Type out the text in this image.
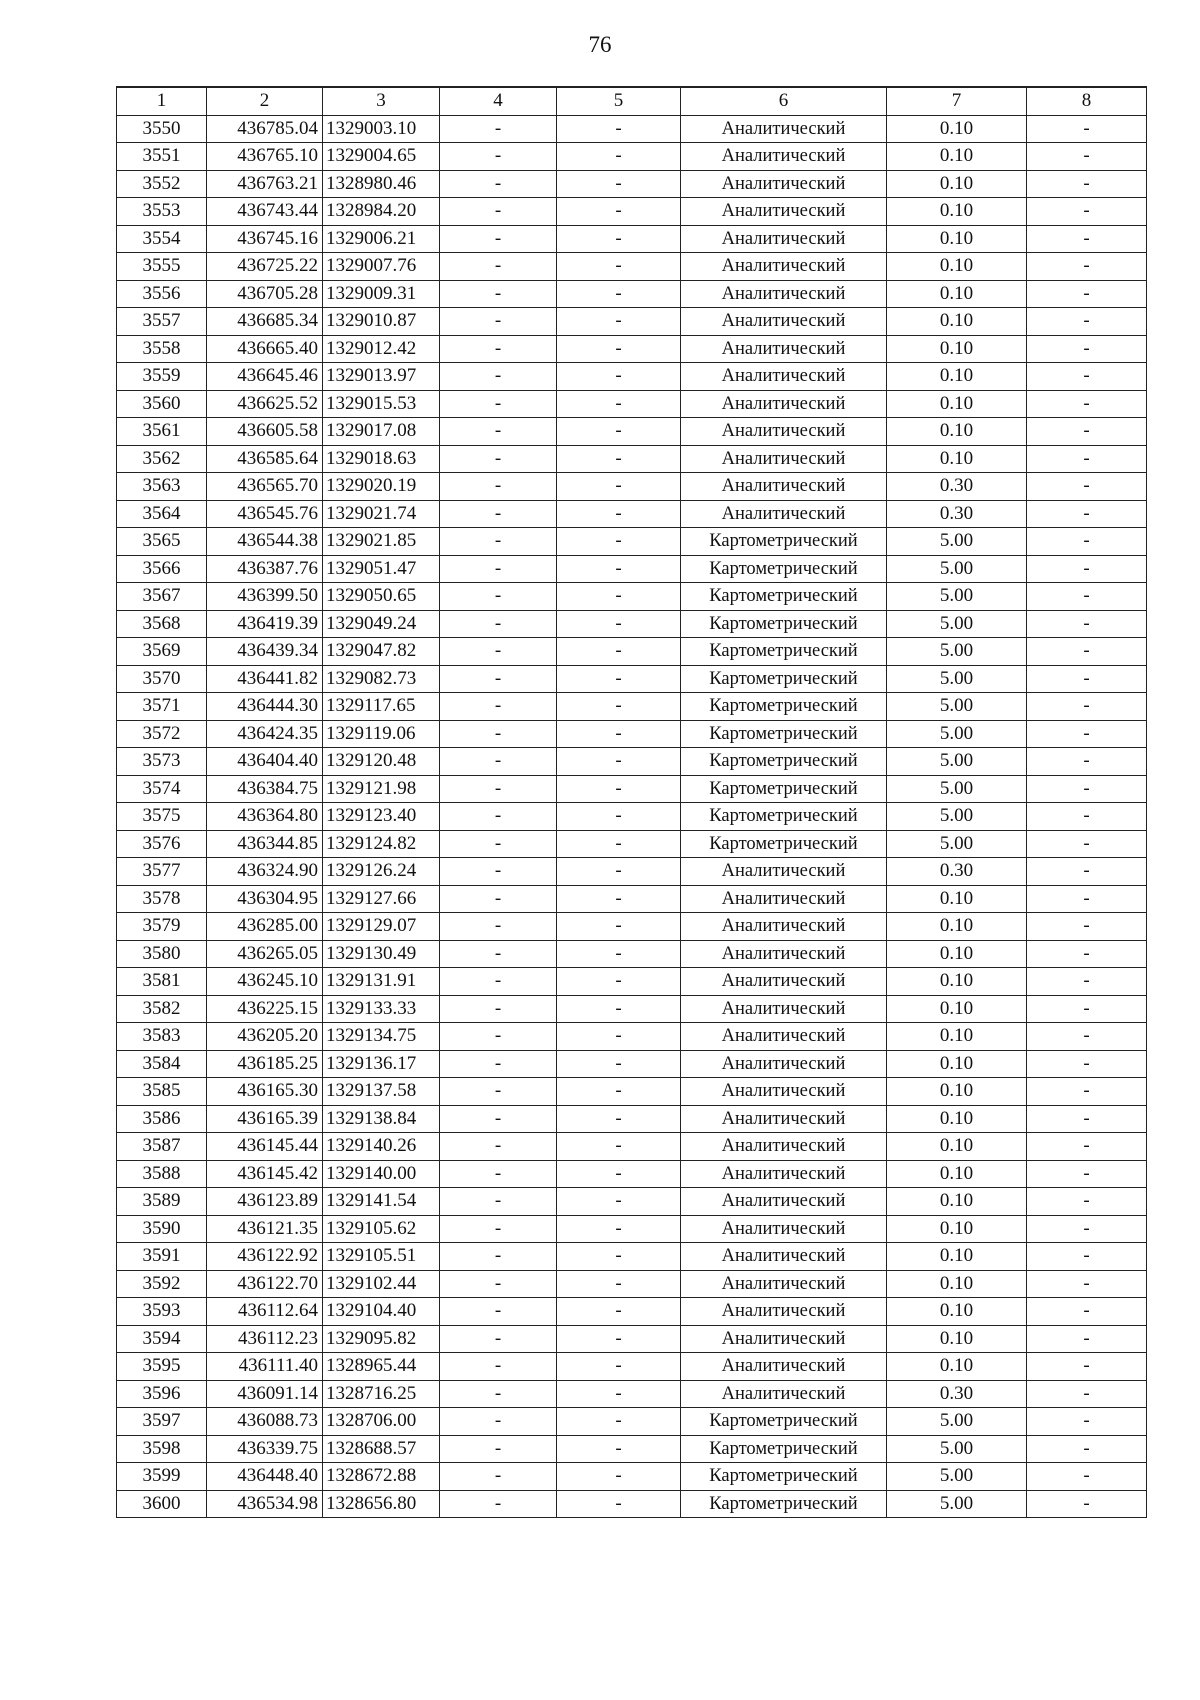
76
1	2	3	4	5	6	7	8
3550	436785.04	1329003.10	-	-	Аналитический	0.10	-
3551	436765.10	1329004.65	-	-	Аналитический	0.10	-
3552	436763.21	1328980.46	-	-	Аналитический	0.10	-
3553	436743.44	1328984.20	-	-	Аналитический	0.10	-
3554	436745.16	1329006.21	-	-	Аналитический	0.10	-
3555	436725.22	1329007.76	-	-	Аналитический	0.10	-
3556	436705.28	1329009.31	-	-	Аналитический	0.10	-
3557	436685.34	1329010.87	-	-	Аналитический	0.10	-
3558	436665.40	1329012.42	-	-	Аналитический	0.10	-
3559	436645.46	1329013.97	-	-	Аналитический	0.10	-
3560	436625.52	1329015.53	-	-	Аналитический	0.10	-
3561	436605.58	1329017.08	-	-	Аналитический	0.10	-
3562	436585.64	1329018.63	-	-	Аналитический	0.10	-
3563	436565.70	1329020.19	-	-	Аналитический	0.30	-
3564	436545.76	1329021.74	-	-	Аналитический	0.30	-
3565	436544.38	1329021.85	-	-	Картометрический	5.00	-
3566	436387.76	1329051.47	-	-	Картометрический	5.00	-
3567	436399.50	1329050.65	-	-	Картометрический	5.00	-
3568	436419.39	1329049.24	-	-	Картометрический	5.00	-
3569	436439.34	1329047.82	-	-	Картометрический	5.00	-
3570	436441.82	1329082.73	-	-	Картометрический	5.00	-
3571	436444.30	1329117.65	-	-	Картометрический	5.00	-
3572	436424.35	1329119.06	-	-	Картометрический	5.00	-
3573	436404.40	1329120.48	-	-	Картометрический	5.00	-
3574	436384.75	1329121.98	-	-	Картометрический	5.00	-
3575	436364.80	1329123.40	-	-	Картометрический	5.00	-
3576	436344.85	1329124.82	-	-	Картометрический	5.00	-
3577	436324.90	1329126.24	-	-	Аналитический	0.30	-
3578	436304.95	1329127.66	-	-	Аналитический	0.10	-
3579	436285.00	1329129.07	-	-	Аналитический	0.10	-
3580	436265.05	1329130.49	-	-	Аналитический	0.10	-
3581	436245.10	1329131.91	-	-	Аналитический	0.10	-
3582	436225.15	1329133.33	-	-	Аналитический	0.10	-
3583	436205.20	1329134.75	-	-	Аналитический	0.10	-
3584	436185.25	1329136.17	-	-	Аналитический	0.10	-
3585	436165.30	1329137.58	-	-	Аналитический	0.10	-
3586	436165.39	1329138.84	-	-	Аналитический	0.10	-
3587	436145.44	1329140.26	-	-	Аналитический	0.10	-
3588	436145.42	1329140.00	-	-	Аналитический	0.10	-
3589	436123.89	1329141.54	-	-	Аналитический	0.10	-
3590	436121.35	1329105.62	-	-	Аналитический	0.10	-
3591	436122.92	1329105.51	-	-	Аналитический	0.10	-
3592	436122.70	1329102.44	-	-	Аналитический	0.10	-
3593	436112.64	1329104.40	-	-	Аналитический	0.10	-
3594	436112.23	1329095.82	-	-	Аналитический	0.10	-
3595	436111.40	1328965.44	-	-	Аналитический	0.10	-
3596	436091.14	1328716.25	-	-	Аналитический	0.30	-
3597	436088.73	1328706.00	-	-	Картометрический	5.00	-
3598	436339.75	1328688.57	-	-	Картометрический	5.00	-
3599	436448.40	1328672.88	-	-	Картометрический	5.00	-
3600	436534.98	1328656.80	-	-	Картометрический	5.00	-
